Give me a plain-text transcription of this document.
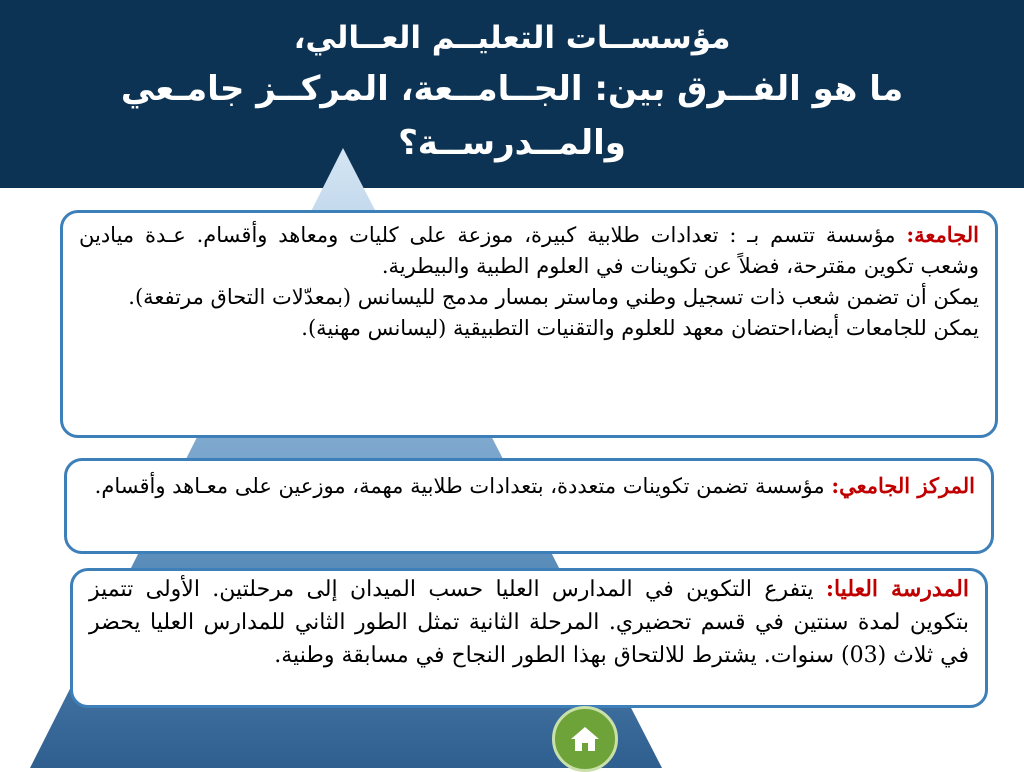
مؤسســات التعليــم العــالي،
ما هو الفــرق بين: الجــامــعة، المركــز جامـعي والمــدرســة؟

الجامعة: مؤسسة تتسم بـ : تعدادات طلابية كبيرة، موزعة على كليات ومعاهد وأقسام. عـدة ميادين وشعب تكوين مقترحة، فضلاً عن تكوينات في العلوم الطبية والبيطرية.

يمكن أن تضمن شعب ذات تسجيل وطني وماستر بمسار مدمج لليسانس (بمعدّلات التحاق مرتفعة).

يمكن للجامعات أيضا،احتضان معهد للعلوم والتقنيات التطبيقية (ليسانس مهنية).

المركز الجامعي: مؤسسة تضمن تكوينات متعددة، بتعدادات طلابية مهمة، موزعين على معـاهد وأقسام.

المدرسة العليا: يتفرع التكوين في المدارس العليا حسب الميدان إلى مرحلتين. الأولى تتميز بتكوين لمدة سنتين في قسم تحضيري. المرحلة الثانية تمثل الطور الثاني للمدارس العليا يحضر في ثلاث (03) سنوات. يشترط للالتحاق بهذا الطور النجاح في مسابقة وطنية.
